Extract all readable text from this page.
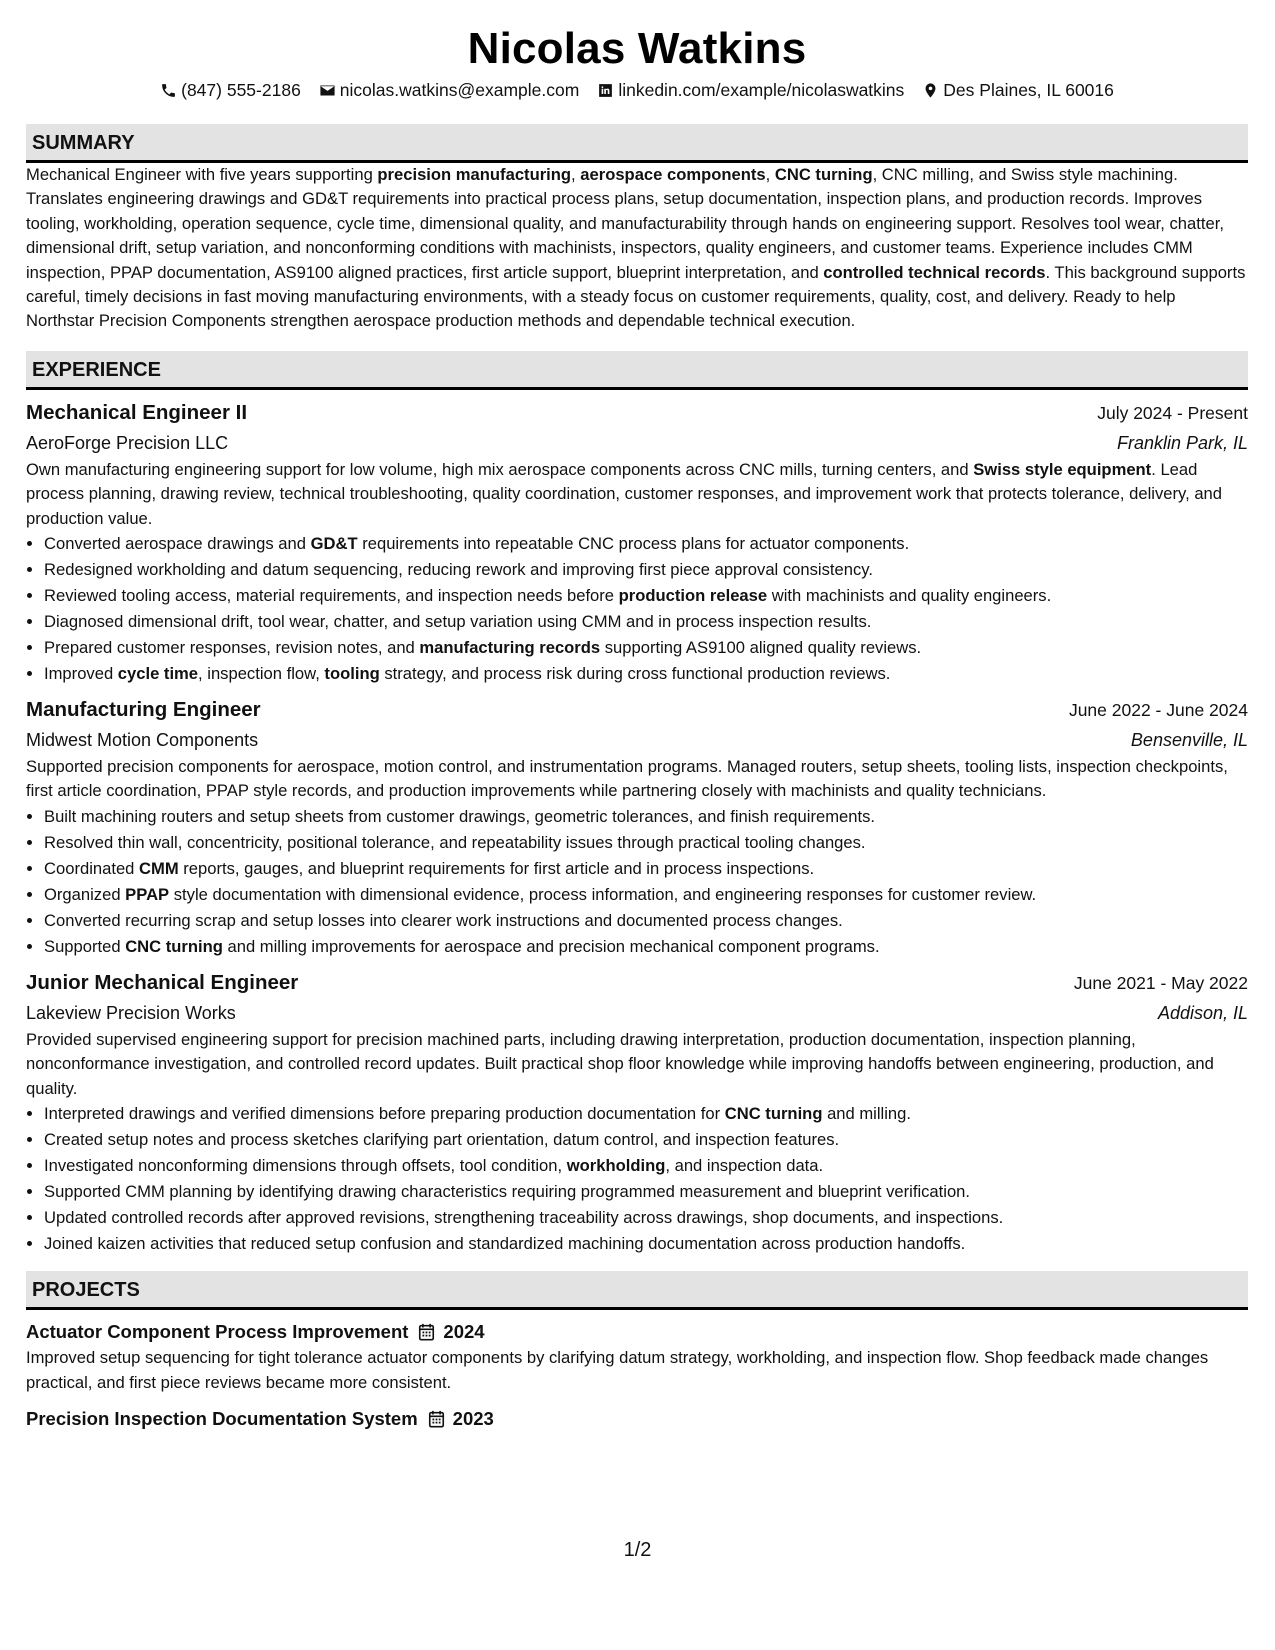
Nicolas Watkins
(847) 555-2186 nicolas.watkins@example.com linkedin.com/example/nicolaswatkins Des Plaines, IL 60016
SUMMARY

Mechanical Engineer with five years supporting precision manufacturing, aerospace components, CNC turning, CNC milling, and Swiss style machining. Translates engineering drawings and GD&T requirements into practical process plans, setup documentation, inspection plans, and production records. Improves tooling, workholding, operation sequence, cycle time, dimensional quality, and manufacturability through hands on engineering support. Resolves tool wear, chatter, dimensional drift, setup variation, and nonconforming conditions with machinists, inspectors, quality engineers, and customer teams. Experience includes CMM inspection, PPAP documentation, AS9100 aligned practices, first article support, blueprint interpretation, and controlled technical records. This background supports careful, timely decisions in fast moving manufacturing environments, with a steady focus on customer requirements, quality, cost, and delivery. Ready to help Northstar Precision Components strengthen aerospace production methods and dependable technical execution.

EXPERIENCE
Mechanical Engineer II	July 2024 - Present
AeroForge Precision LLC	Franklin Park, IL

Own manufacturing engineering support for low volume, high mix aerospace components across CNC mills, turning centers, and Swiss style equipment. Lead process planning, drawing review, technical troubleshooting, quality coordination, customer responses, and improvement work that protects tolerance, delivery, and production value.

• Converted aerospace drawings and GD&T requirements into repeatable CNC process plans for actuator components.
• Redesigned workholding and datum sequencing, reducing rework and improving first piece approval consistency.
• Reviewed tooling access, material requirements, and inspection needs before production release with machinists and quality engineers.
• Diagnosed dimensional drift, tool wear, chatter, and setup variation using CMM and in process inspection results.
• Prepared customer responses, revision notes, and manufacturing records supporting AS9100 aligned quality reviews.
• Improved cycle time, inspection flow, tooling strategy, and process risk during cross functional production reviews.
Manufacturing Engineer	June 2022 - June 2024
Midwest Motion Components	Bensenville, IL

Supported precision components for aerospace, motion control, and instrumentation programs. Managed routers, setup sheets, tooling lists, inspection checkpoints, first article coordination, PPAP style records, and production improvements while partnering closely with machinists and quality technicians.

• Built machining routers and setup sheets from customer drawings, geometric tolerances, and finish requirements.
• Resolved thin wall, concentricity, positional tolerance, and repeatability issues through practical tooling changes.
• Coordinated CMM reports, gauges, and blueprint requirements for first article and in process inspections.
• Organized PPAP style documentation with dimensional evidence, process information, and engineering responses for customer review.
• Converted recurring scrap and setup losses into clearer work instructions and documented process changes.
• Supported CNC turning and milling improvements for aerospace and precision mechanical component programs.
Junior Mechanical Engineer	June 2021 - May 2022
Lakeview Precision Works	Addison, IL

Provided supervised engineering support for precision machined parts, including drawing interpretation, production documentation, inspection planning, nonconformance investigation, and controlled record updates. Built practical shop floor knowledge while improving handoffs between engineering, production, and quality.

• Interpreted drawings and verified dimensions before preparing production documentation for CNC turning and milling.
• Created setup notes and process sketches clarifying part orientation, datum control, and inspection features.
• Investigated nonconforming dimensions through offsets, tool condition, workholding, and inspection data.
• Supported CMM planning by identifying drawing characteristics requiring programmed measurement and blueprint verification.
• Updated controlled records after approved revisions, strengthening traceability across drawings, shop documents, and inspections.
• Joined kaizen activities that reduced setup confusion and standardized machining documentation across production handoffs.
PROJECTS
Actuator Component Process Improvement 2024

Improved setup sequencing for tight tolerance actuator components by clarifying datum strategy, workholding, and inspection flow. Shop feedback made changes practical, and first piece reviews became more consistent.

Precision Inspection Documentation System 2023
1/2
